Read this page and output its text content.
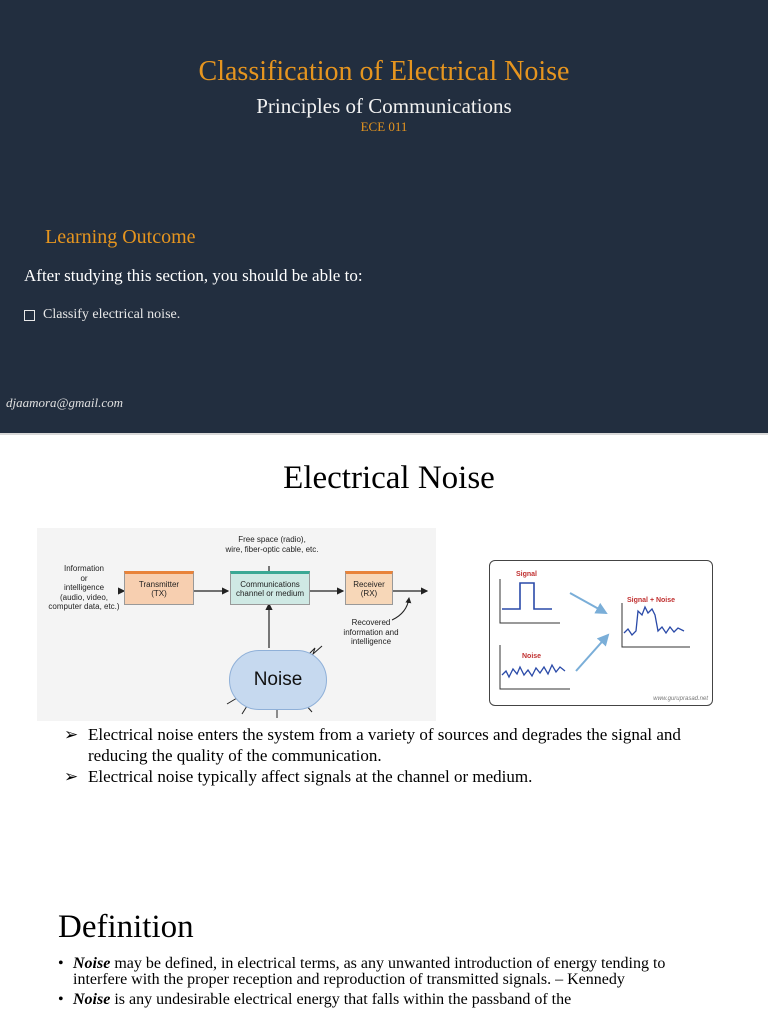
Classification of Electrical Noise
Principles of Communications
ECE 011
Learning Outcome
After studying this section, you should be able to:
Classify electrical noise.
djaamora@gmail.com
Electrical Noise
Information
or
intelligence
(audio, video,
computer data, etc.)
Free space (radio),
wire, fiber-optic cable, etc.
Transmitter
(TX)
Communications
channel or medium
Receiver
(RX)
Recovered
information and
intelligence
Noise
Signal
Noise
Signal + Noise
www.guruprasad.net
➢ Electrical noise enters the system from a variety of sources and degrades the signal and reducing the quality of the communication.
➢ Electrical noise typically affect signals at the channel or medium.
Definition
• Noise may be defined, in electrical terms, as any unwanted introduction of energy tending to interfere with the proper reception and reproduction of transmitted signals. – Kennedy
• Noise is any undesirable electrical energy that falls within the passband of the
